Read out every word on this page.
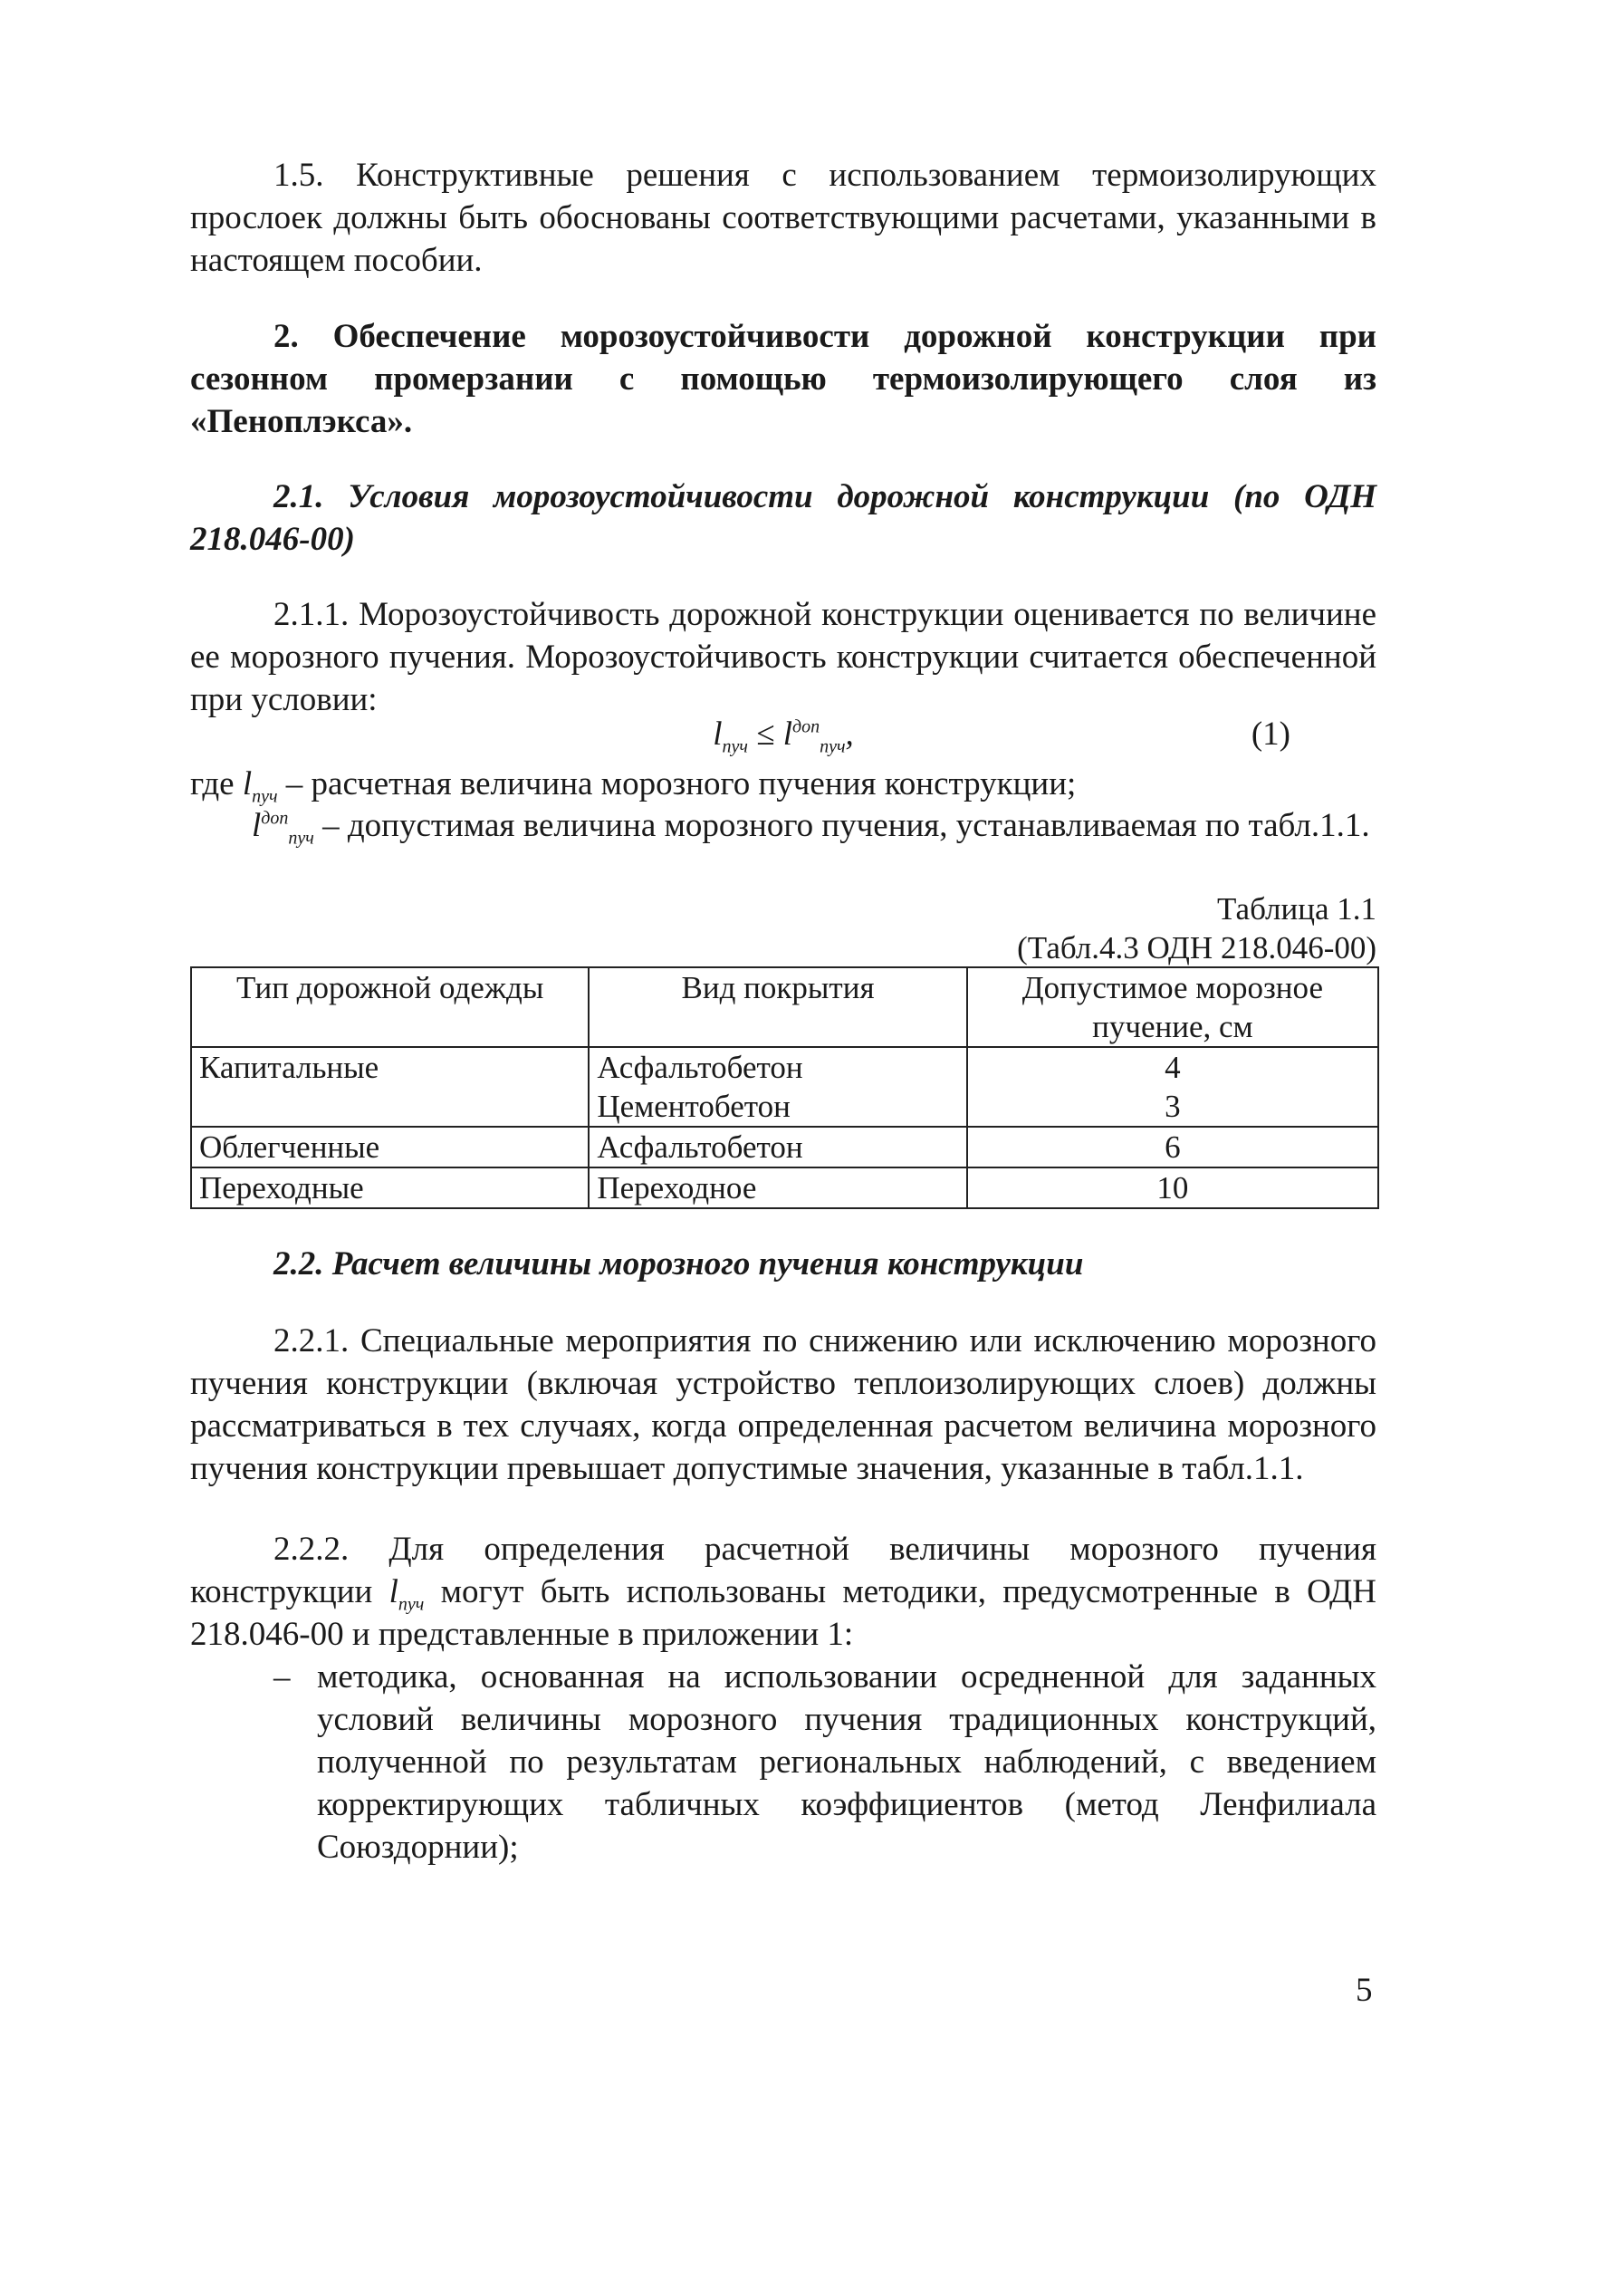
1.5. Конструктивные решения с использованием термоизолирующих прослоек должны быть обоснованы соответствующими расчетами, указанными в настоящем пособии.

2. Обеспечение морозоустойчивости дорожной конструкции при сезонном промерзании с помощью термоизолирующего слоя из «Пеноплэкса».

2.1. Условия морозоустойчивости дорожной конструкции (по ОДН 218.046-00)

2.1.1. Морозоустойчивость дорожной конструкции оценивается по величине ее морозного пучения. Морозоустойчивость конструкции считается обеспеченной при условии:

$l_{пуч} \le l^{доп}_{пуч}$,	(1)

где $l_{пуч}$ – расчетная величина морозного пучения конструкции;

$l^{доп}_{пуч}$ – допустимая величина морозного пучения, устанавливаемая по табл.1.1.

Таблица 1.1
(Табл.4.3 ОДН 218.046-00)
Тип дорожной одежды	Вид покрытия	Допустимое морозное пучение, см
Капитальные	Асфальтобетон	4
	Цементобетон	3
Облегченные	Асфальтобетон	6
Переходные	Переходное	10

2.2. Расчет величины морозного пучения конструкции

2.2.1. Специальные мероприятия по снижению или исключению морозного пучения конструкции (включая устройство теплоизолирующих слоев) должны рассматриваться в тех случаях, когда определенная расчетом величина морозного пучения конструкции превышает допустимые значения, указанные в табл.1.1.

2.2.2. Для определения расчетной величины морозного пучения конструкции $l_{пуч}$ могут быть использованы методики, предусмотренные в ОДН 218.046-00 и представленные в приложении 1:

– методика, основанная на использовании осредненной для заданных условий величины морозного пучения традиционных конструкций, полученной по результатам региональных наблюдений, с введением корректирующих табличных коэффициентов (метод Ленфилиала Союздорнии);
5
